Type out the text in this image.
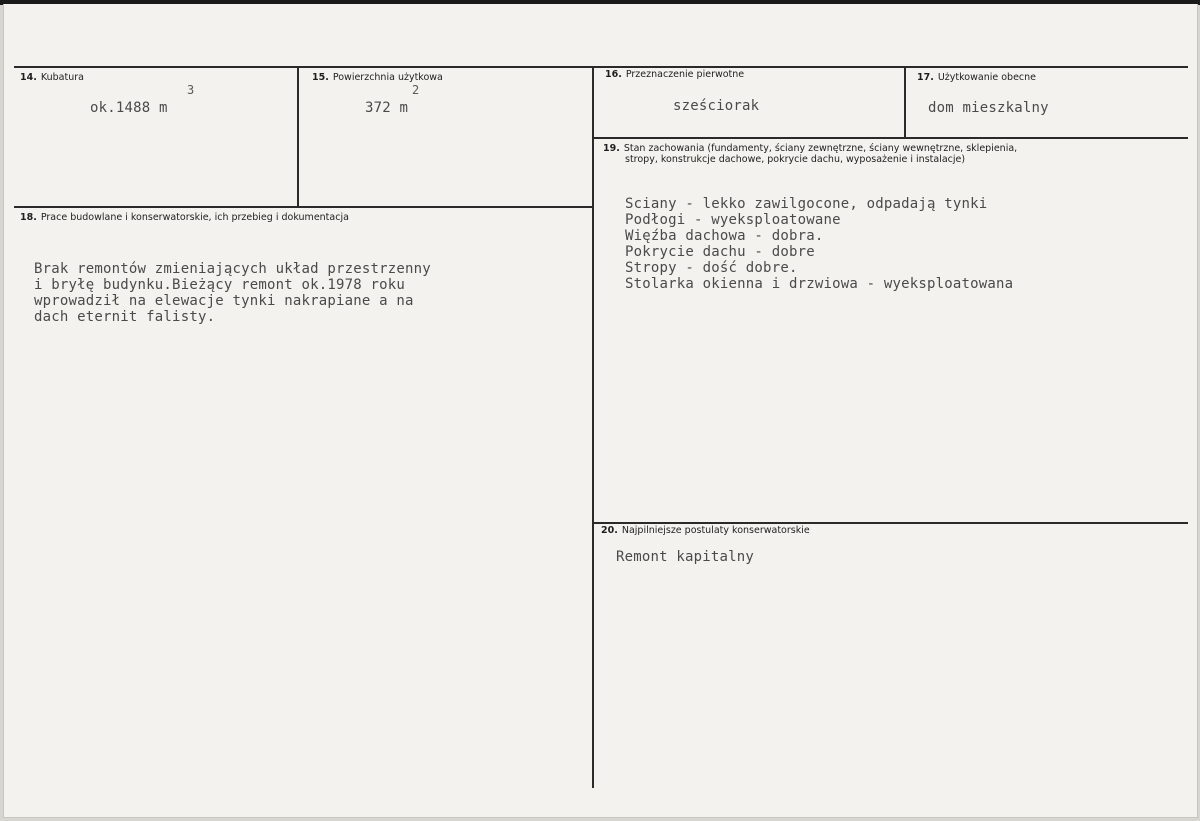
14. Kubatura
3
ok.1488 m
15. Powierzchnia użytkowa
2
372 m
16. Przeznaczenie pierwotne
sześciorak
17. Użytkowanie obecne
dom mieszkalny
18. Prace budowlane i konserwatorskie, ich przebieg i dokumentacja
Brak remontów zmieniających układ przestrzenny
i bryłę budynku.Bieżący remont ok.1978 roku
wprowadził na elewacje tynki nakrapiane a na
dach eternit falisty.
19. Stan zachowania (fundamenty, ściany zewnętrzne, ściany wewnętrzne, sklepienia,
stropy, konstrukcje dachowe, pokrycie dachu, wyposażenie i instalacje)
Sciany - lekko zawilgocone, odpadają tynki
Podłogi - wyeksploatowane
Więźba dachowa - dobra.
Pokrycie dachu - dobre
Stropy - dość dobre.
Stolarka okienna i drzwiowa - wyeksploatowana
20. Najpilniejsze postulaty konserwatorskie
Remont kapitalny
